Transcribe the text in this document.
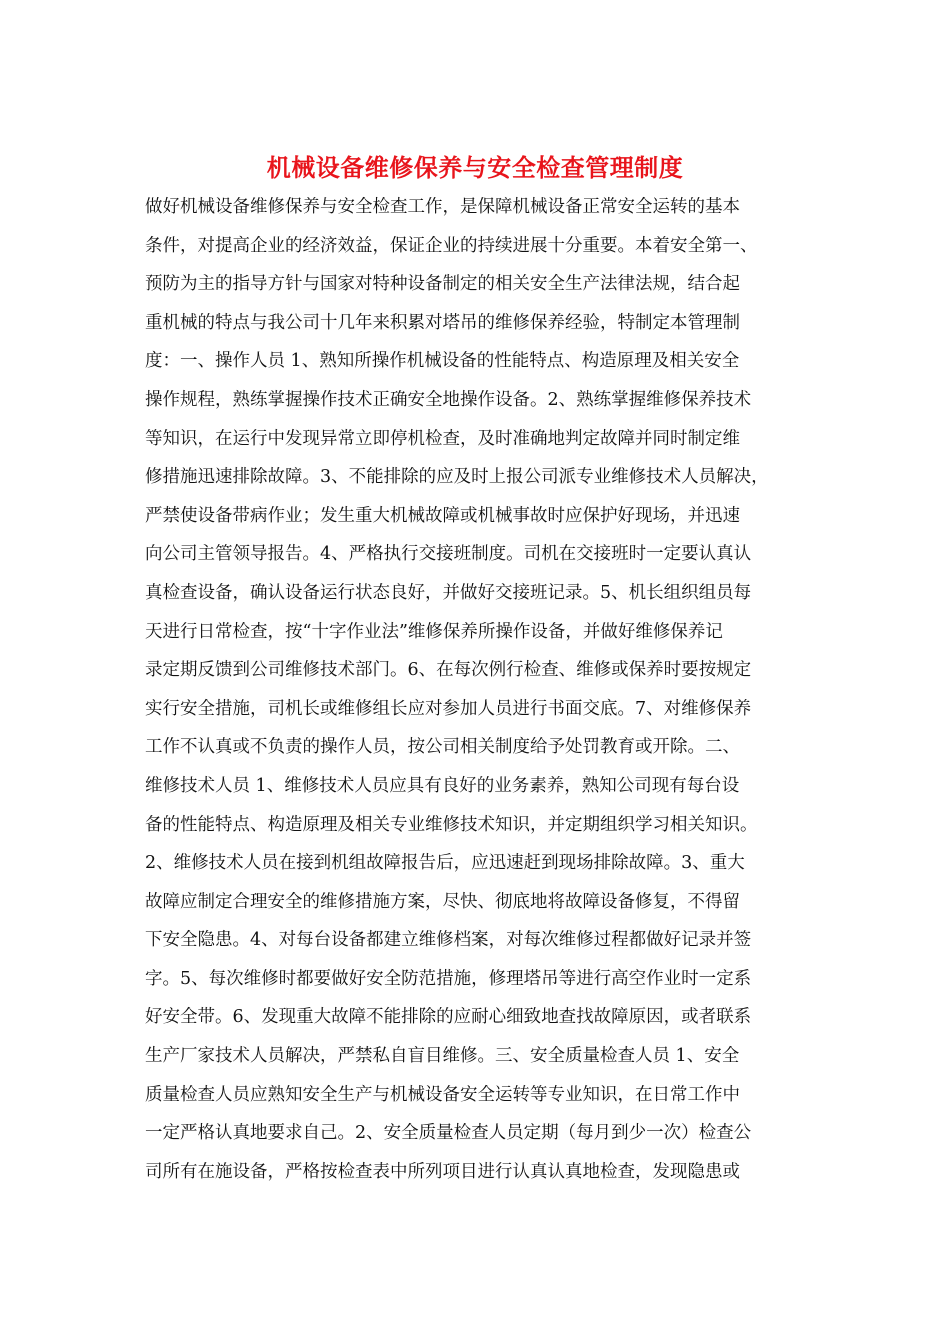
机械设备维修保养与安全检查管理制度
做好机械设备维修保养与安全检查工作，是保障机械设备正常安全运转的基本
条件，对提高企业的经济效益，保证企业的持续进展十分重要。本着安全第一、
预防为主的指导方针与国家对特种设备制定的相关安全生产法律法规，结合起
重机械的特点与我公司十几年来积累对塔吊的维修保养经验，特制定本管理制
度：一、操作人员 1、熟知所操作机械设备的性能特点、构造原理及相关安全
操作规程，熟练掌握操作技术正确安全地操作设备。2、熟练掌握维修保养技术
等知识，在运行中发现异常立即停机检查，及时准确地判定故障并同时制定维
修措施迅速排除故障。3、不能排除的应及时上报公司派专业维修技术人员解决，
严禁使设备带病作业；发生重大机械故障或机械事故时应保护好现场，并迅速
向公司主管领导报告。4、严格执行交接班制度。司机在交接班时一定要认真认
真检查设备，确认设备运行状态良好，并做好交接班记录。5、机长组织组员每
天进行日常检查，按“十字作业法”维修保养所操作设备，并做好维修保养记
录定期反馈到公司维修技术部门。6、在每次例行检查、维修或保养时要按规定
实行安全措施，司机长或维修组长应对参加人员进行书面交底。7、对维修保养
工作不认真或不负责的操作人员，按公司相关制度给予处罚教育或开除。二、
维修技术人员 1、维修技术人员应具有良好的业务素养，熟知公司现有每台设
备的性能特点、构造原理及相关专业维修技术知识，并定期组织学习相关知识。
2、维修技术人员在接到机组故障报告后，应迅速赶到现场排除故障。3、重大
故障应制定合理安全的维修措施方案，尽快、彻底地将故障设备修复，不得留
下安全隐患。4、对每台设备都建立维修档案，对每次维修过程都做好记录并签
字。5、每次维修时都要做好安全防范措施，修理塔吊等进行高空作业时一定系
好安全带。6、发现重大故障不能排除的应耐心细致地查找故障原因，或者联系
生产厂家技术人员解决，严禁私自盲目维修。三、安全质量检查人员 1、安全
质量检查人员应熟知安全生产与机械设备安全运转等专业知识，在日常工作中
一定严格认真地要求自己。2、安全质量检查人员定期（每月到少一次）检查公
司所有在施设备，严格按检查表中所列项目进行认真认真地检查，发现隐患或
